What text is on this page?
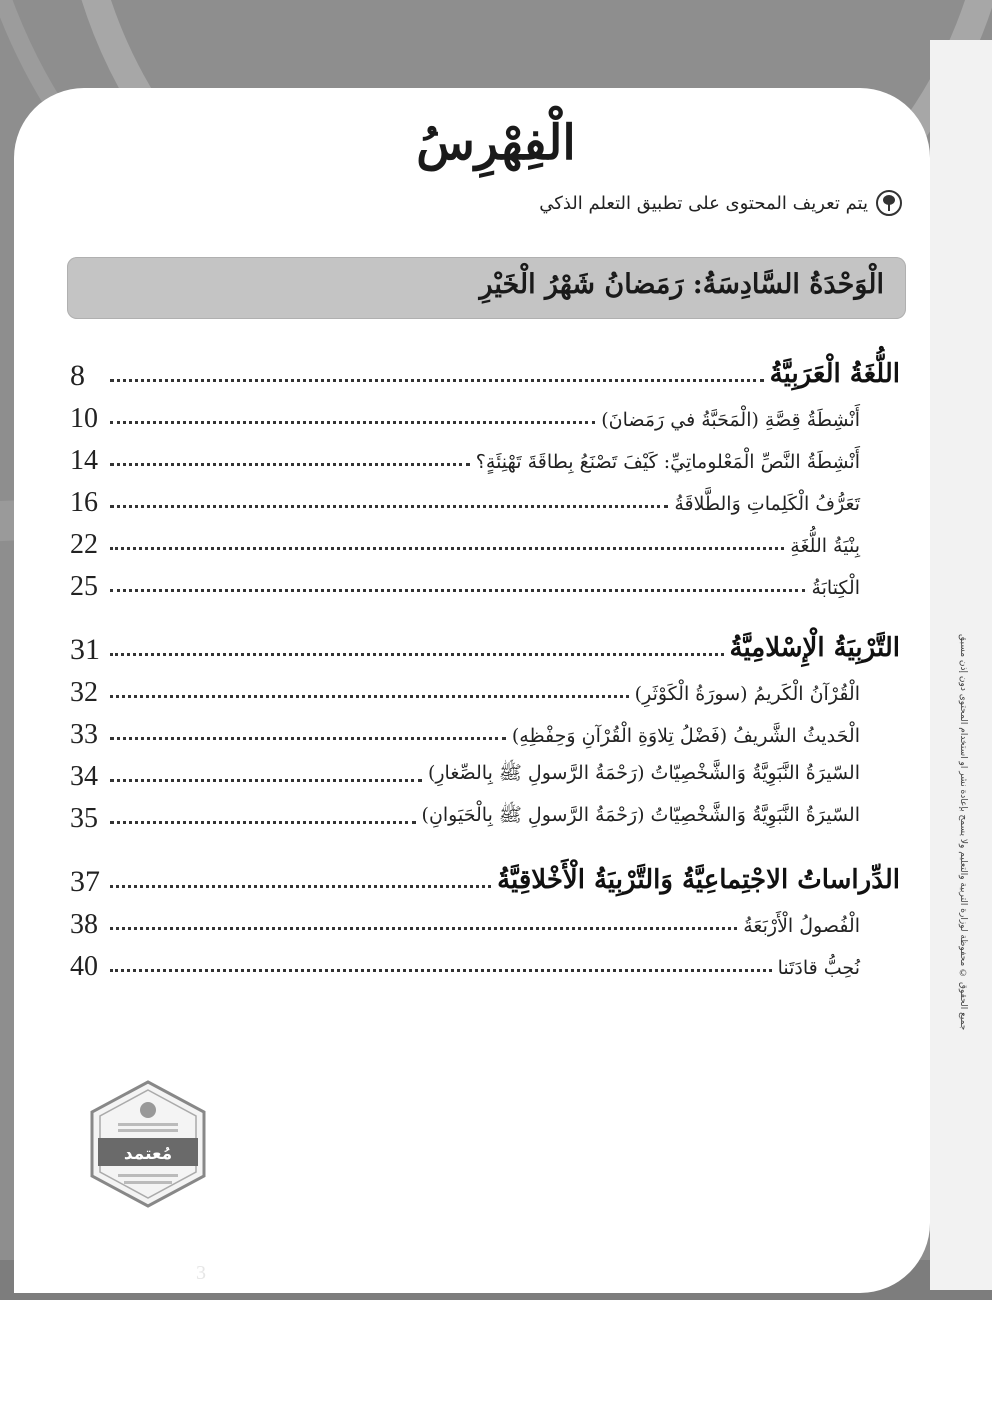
جميع الحقوق © محفوظة لوزارة التربية والتعليم ولا يسمح بإعادة نشر أو استخدام المحتوى دون إذن مسبق
الْفِهْرِسُ
يتم تعريف المحتوى على تطبيق التعلم الذكي
الْوَحْدَةُ السَّادِسَةُ: رَمَضانُ شَهْرُ الْخَيْرِ
اللُّغَةُ الْعَرَبِيَّةُ
8
أَنْشِطَةُ قِصَّةِ (الْمَحَبَّةُ في رَمَضانَ)
10
أَنْشِطَةُ النَّصِّ الْمَعْلوماتِيِّ: كَيْفَ تَصْنَعُ بِطاقَةَ تَهْنِئَةٍ؟
14
تَعَرُّفُ الْكَلِماتِ وَالطَّلاقَةُ
16
بِنْيَةُ اللُّغَةِ
22
الْكِتابَةُ
25
التَّرْبِيَةُ الْإِسْلامِيَّةُ
31
الْقُرْآنُ الْكَريمُ (سورَةُ الْكَوْثَرِ)
32
الْحَديثُ الشَّريفُ (فَضْلُ تِلاوَةِ الْقُرْآنِ وَحِفْظِهِ)
33
السّيرَةُ النَّبَوِيَّةُ وَالشَّخْصِيّاتُ (رَحْمَةُ الرَّسولِ ﷺ بِالصِّغارِ)
34
السّيرَةُ النَّبَوِيَّةُ وَالشَّخْصِيّاتُ (رَحْمَةُ الرَّسولِ ﷺ بِالْحَيَوانِ)
35
الدِّراساتُ الاجْتِماعِيَّةُ وَالتَّرْبِيَةُ الْأَخْلاقِيَّةُ
37
الْفُصولُ الْأَرْبَعَةُ
38
نُحِبُّ قادَتَنا
40
مُعتمد
3
